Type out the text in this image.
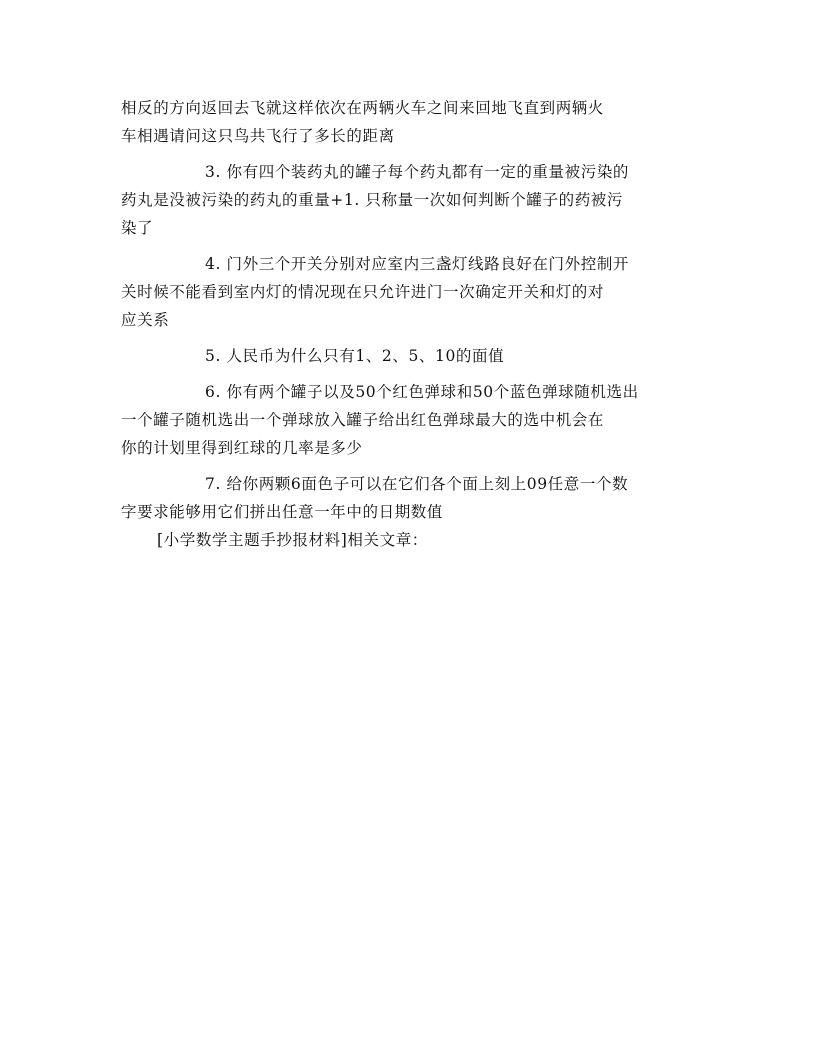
相反的方向返回去飞就这样依次在两辆火车之间来回地飞直到两辆火
车相遇请问这只鸟共飞行了多长的距离
3. 你有四个装药丸的罐子每个药丸都有一定的重量被污染的
药丸是没被污染的药丸的重量+1. 只称量一次如何判断个罐子的药被污
染了
4. 门外三个开关分别对应室内三盏灯线路良好在门外控制开
关时候不能看到室内灯的情况现在只允许进门一次确定开关和灯的对
应关系
5. 人民币为什么只有1、2、5、10的面值
6. 你有两个罐子以及50个红色弹球和50个蓝色弹球随机选出
一个罐子随机选出一个弹球放入罐子给出红色弹球最大的选中机会在
你的计划里得到红球的几率是多少
7. 给你两颗6面色子可以在它们各个面上刻上09任意一个数
字要求能够用它们拼出任意一年中的日期数值
[小学数学主题手抄报材料]相关文章：
